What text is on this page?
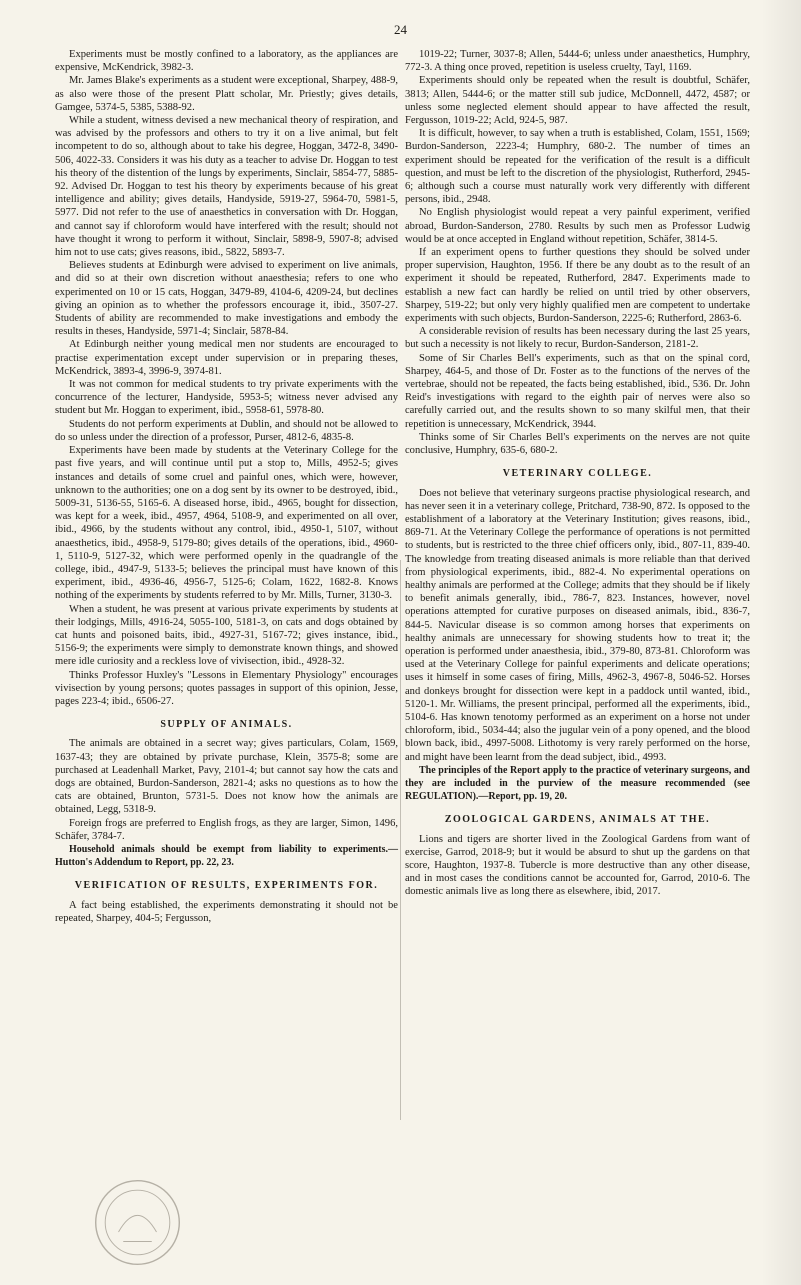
24

Experiments must be mostly confined to a laboratory, as the appliances are expensive, McKendrick, 3982-3.

Mr. James Blake's experiments as a student were exceptional, Sharpey, 488-9, as also were those of the present Platt scholar, Mr. Priestly; gives details, Gamgee, 5374-5, 5385, 5388-92.

While a student, witness devised a new mechanical theory of respiration, and was advised by the professors and others to try it on a live animal, but felt incompetent to do so, although about to take his degree, Hoggan, 3472-8, 3490-506, 4022-33. Considers it was his duty as a teacher to advise Dr. Hoggan to test his theory of the distention of the lungs by experiments, Sinclair, 5854-77, 5885-92. Advised Dr. Hoggan to test his theory by experiments because of his great intelligence and ability; gives details, Handyside, 5919-27, 5964-70, 5981-5, 5977. Did not refer to the use of anaesthetics in conversation with Dr. Hoggan, and cannot say if chloroform would have interfered with the result; should not have thought it wrong to perform it without, Sinclair, 5898-9, 5907-8; advised him not to use cats; gives reasons, ibid., 5822, 5893-7.

Believes students at Edinburgh were advised to experiment on live animals, and did so at their own discretion without anaesthesia; refers to one who experimented on 10 or 15 cats, Hoggan, 3479-89, 4104-6, 4209-24, but declines giving an opinion as to whether the professors encourage it, ibid., 3507-27. Students of ability are recommended to make investigations and embody the results in theses, Handyside, 5971-4; Sinclair, 5878-84.

At Edinburgh neither young medical men nor students are encouraged to practise experimentation except under supervision or in preparing theses, McKendrick, 3893-4, 3996-9, 3974-81.

It was not common for medical students to try private experiments with the concurrence of the lecturer, Handyside, 5953-5; witness never advised any student but Mr. Hoggan to experiment, ibid., 5958-61, 5978-80.

Students do not perform experiments at Dublin, and should not be allowed to do so unless under the direction of a professor, Purser, 4812-6, 4835-8.

Experiments have been made by students at the Veterinary College for the past five years, and will continue until put a stop to, Mills, 4952-5; gives instances and details of some cruel and painful ones, which were, however, unknown to the authorities; one on a dog sent by its owner to be destroyed, ibid., 5009-31, 5136-55, 5165-6. A diseased horse, ibid., 4965, bought for dissection, was kept for a week, ibid., 4957, 4964, 5108-9, and experimented on all over, ibid., 4966, by the students without any control, ibid., 4950-1, 5107, without anaesthetics, ibid., 4958-9, 5179-80; gives details of the operations, ibid., 4960-1, 5110-9, 5127-32, which were performed openly in the quadrangle of the college, ibid., 4947-9, 5133-5; believes the principal must have known of this experiment, ibid., 4936-46, 4956-7, 5125-6; Colam, 1622, 1682-8. Knows nothing of the experiments by students referred to by Mr. Mills, Turner, 3130-3.

When a student, he was present at various private experiments by students at their lodgings, Mills, 4916-24, 5055-100, 5181-3, on cats and dogs obtained by cat hunts and poisoned baits, ibid., 4927-31, 5167-72; gives instance, ibid., 5156-9; the experiments were simply to demonstrate known things, and showed mere idle curiosity and a reckless love of vivisection, ibid., 4928-32.

Thinks Professor Huxley's "Lessons in Elementary Physiology" encourages vivisection by young persons; quotes passages in support of this opinion, Jesse, pages 223-4; ibid., 6506-27.

SUPPLY OF ANIMALS.

The animals are obtained in a secret way; gives particulars, Colam, 1569, 1637-43; they are obtained by private purchase, Klein, 3575-8; some are purchased at Leadenhall Market, Pavy, 2101-4; but cannot say how the cats and dogs are obtained, Burdon-Sanderson, 2821-4; asks no questions as to how the cats are obtained, Brunton, 5731-5. Does not know how the animals are obtained, Legg, 5318-9.

Foreign frogs are preferred to English frogs, as they are larger, Simon, 1496, Schäfer, 3784-7.

Household animals should be exempt from liability to experiments.—Hutton's Addendum to Report, pp. 22, 23.

VERIFICATION OF RESULTS, EXPERIMENTS FOR.

A fact being established, the experiments demonstrating it should not be repeated, Sharpey, 404-5; Fergusson,

1019-22; Turner, 3037-8; Allen, 5444-6; unless under anaesthetics, Humphry, 772-3. A thing once proved, repetition is useless cruelty, Tayl, 1169.

Experiments should only be repeated when the result is doubtful, Schäfer, 3813; Allen, 5444-6; or the matter still sub judice, McDonnell, 4472, 4587; or unless some neglected element should appear to have affected the result, Fergusson, 1019-22; Acld, 924-5, 987.

It is difficult, however, to say when a truth is established, Colam, 1551, 1569; Burdon-Sanderson, 2223-4; Humphry, 680-2. The number of times an experiment should be repeated for the verification of the result is a difficult question, and must be left to the discretion of the physiologist, Rutherford, 2945-6; although such a course must naturally work very differently with different persons, ibid., 2948.

No English physiologist would repeat a very painful experiment, verified abroad, Burdon-Sanderson, 2780. Results by such men as Professor Ludwig would be at once accepted in England without repetition, Schäfer, 3814-5.

If an experiment opens to further questions they should be solved under proper supervision, Haughton, 1956. If there be any doubt as to the result of an experiment it should be repeated, Rutherford, 2847. Experiments made to establish a new fact can hardly be relied on until tried by other observers, Sharpey, 519-22; but only very highly qualified men are competent to undertake experiments with such objects, Burdon-Sanderson, 2225-6; Rutherford, 2863-6.

A considerable revision of results has been necessary during the last 25 years, but such a necessity is not likely to recur, Burdon-Sanderson, 2181-2.

Some of Sir Charles Bell's experiments, such as that on the spinal cord, Sharpey, 464-5, and those of Dr. Foster as to the functions of the nerves of the vertebrae, should not be repeated, the facts being established, ibid., 536. Dr. John Reid's investigations with regard to the eighth pair of nerves were also so carefully carried out, and the results shown to so many skilful men, that their repetition is unnecessary, McKendrick, 3944.

Thinks some of Sir Charles Bell's experiments on the nerves are not quite conclusive, Humphry, 635-6, 680-2.

VETERINARY COLLEGE.

Does not believe that veterinary surgeons practise physiological research, and has never seen it in a veterinary college, Pritchard, 738-90, 872. Is opposed to the establishment of a laboratory at the Veterinary Institution; gives reasons, ibid., 869-71. At the Veterinary College the performance of operations is not permitted to students, but is restricted to the three chief officers only, ibid., 807-11, 839-40. The knowledge from treating diseased animals is more reliable than that derived from physiological experiments, ibid., 882-4. No experimental operations on healthy animals are performed at the College; admits that they should be if likely to benefit animals generally, ibid., 786-7, 823. Instances, however, novel operations attempted for curative purposes on diseased animals, ibid., 836-7, 844-5. Navicular disease is so common among horses that experiments on healthy animals are unnecessary for showing students how to treat it; the operation is performed under anaesthesia, ibid., 379-80, 873-81. Chloroform was used at the Veterinary College for painful experiments and delicate operations; uses it himself in some cases of firing, Mills, 4962-3, 4967-8, 5046-52. Horses and donkeys brought for dissection were kept in a paddock until wanted, ibid., 5120-1. Mr. Williams, the present principal, performed all the experiments, ibid., 5104-6. Has known tenotomy performed as an experiment on a horse not under chloroform, ibid., 5034-44; also the jugular vein of a pony opened, and the blood blown back, ibid., 4997-5008. Lithotomy is very rarely performed on the horse, and might have been learnt from the dead subject, ibid., 4993.

The principles of the Report apply to the practice of veterinary surgeons, and they are included in the purview of the measure recommended (see REGULATION).—Report, pp. 19, 20.

ZOOLOGICAL GARDENS, ANIMALS AT THE.

Lions and tigers are shorter lived in the Zoological Gardens from want of exercise, Garrod, 2018-9; but it would be absurd to shut up the gardens on that score, Haughton, 1937-8. Tubercle is more destructive than any other disease, and in most cases the conditions cannot be accounted for, Garrod, 2010-6. The domestic animals live as long there as elsewhere, ibid, 2017.
